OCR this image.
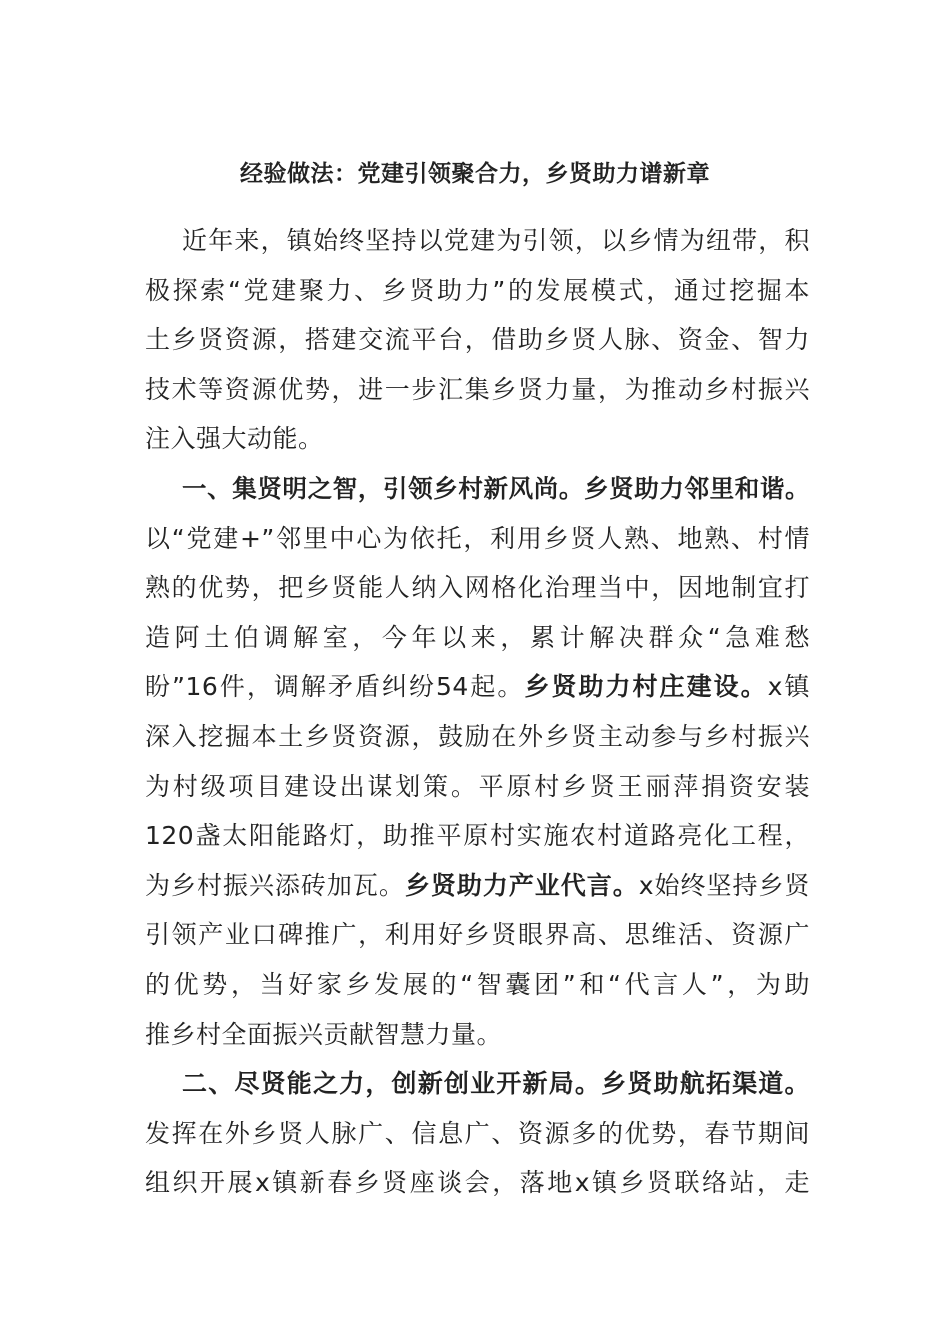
经验做法：党建引领聚合力，乡贤助力谱新章
近年来，镇始终坚持以党建为引领，以乡情为纽带，积
极探索“党建聚力、乡贤助力”的发展模式，通过挖掘本
土乡贤资源，搭建交流平台，借助乡贤人脉、资金、智力
技术等资源优势，进一步汇集乡贤力量，为推动乡村振兴
注入强大动能。
一、集贤明之智，引领乡村新风尚。乡贤助力邻里和谐。
以“党建+”邻里中心为依托，利用乡贤人熟、地熟、村情
熟的优势，把乡贤能人纳入网格化治理当中，因地制宜打
造阿土伯调解室，今年以来，累计解决群众“急难愁
盼”16件，调解矛盾纠纷54起。乡贤助力村庄建设。x镇
深入挖掘本土乡贤资源，鼓励在外乡贤主动参与乡村振兴
为村级项目建设出谋划策。平原村乡贤王丽萍捐资安装
120盏太阳能路灯，助推平原村实施农村道路亮化工程，
为乡村振兴添砖加瓦。乡贤助力产业代言。x始终坚持乡贤
引领产业口碑推广，利用好乡贤眼界高、思维活、资源广
的优势，当好家乡发展的“智囊团”和“代言人”，为助
推乡村全面振兴贡献智慧力量。
二、尽贤能之力，创新创业开新局。乡贤助航拓渠道。
发挥在外乡贤人脉广、信息广、资源多的优势，春节期间
组织开展x镇新春乡贤座谈会，落地x镇乡贤联络站，走
